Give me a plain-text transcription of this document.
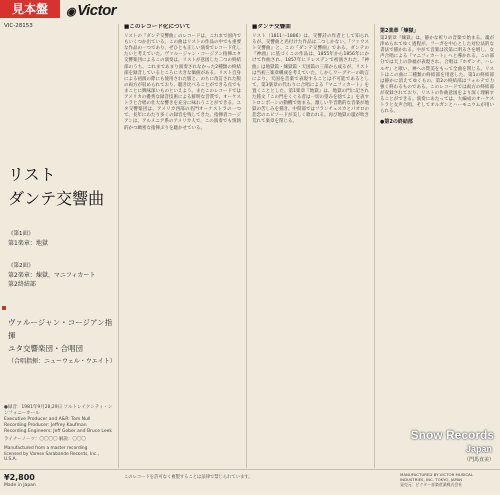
見本盤	◉ Victor
VIC-28153
リスト
ダンテ交響曲
《第1面》
第1楽章：地獄
《第2面》
第2楽章：煉獄、マニフィカート
第2終結部
ヴァルージャン・コージアン指揮
ユタ交響楽団・合唱団
（合唱指揮：ニューウェル・ウエイト）
●録音：1981年9月28,29日 ソルトレイクシティ・シンフォニーホール
Executive Producer and A&R: Tom Null
Recording Producer: Jeffrey Kaufman
Recording Engineers: Jeff Gober and Bruce Leek
ライナーノーツ：〇〇〇〇 解説：〇〇〇
Manufactured from a master recording
licensed by Varese Sarabande Records, Inc.,
U.S.A.
■このレコード化について

リストの『ダンテ交響曲』のレコードは、これまで国内でもいくつか出ている。この曲はリストの作品の中でも重要な作品の一つであり、ぜひとも正しい演奏でレコード化したいと考えていた。ヴァルージャン・コージアン指揮ユタ交響楽団によるこの演奏は、リストが意図した二つの終結部のうち、これまであまり演奏されなかった2種類の終結部を録音しているところに大きな価値がある。リスト自身による初演の際にも使用された版と、のちに改訂された版の両方が収められており、聴き比べることができる点でもまことに興味深いものといえよう。またこのレコードではアメリカの優秀な録音技術による鮮明な音質で、オーケストラと合唱の壮大な響きを充分に味わうことができる。ユタ交響楽団は、アメリカ西部の名門オーケストラの一つで、長年にわたり多くの録音を残してきた。指揮者コージアンは、アルメニア系のアメリカ人で、この演奏でも情熱的かつ緻密な指揮ぶりを聴かせている。

■ダンテ交響曲

リスト（1811〜1886）は、交響詩の作者として知られるが、交響曲と名付けた作品は二つしかない。『ファウスト交響曲』と、この『ダンテ交響曲』である。ダンテの『神曲』に基づくこの作品は、1855年から1856年にかけて作曲され、1857年にドレスデンで初演された。『神曲』は地獄篇・煉獄篇・天国篇の三部から成るが、リストは当初三楽章構成を考えていた。しかしワーグナーの助言により、天国を音楽で表現することは不可能であるとして、第3楽章の代わりに合唱による『マニフィカート』を置くこととした。第1楽章『地獄』は、地獄の門に記された銘文『この門をくぐる者は一切の望みを捨てよ』を表すトロンボーンの動機で始まる。激しい半音階的な音楽が地獄の苦しみを描き、中間部ではフランチェスカとパオロの悲恋のエピソードが美しく歌われる。再び地獄の嵐が吹き荒れて楽章を閉じる。

第2楽章「煉獄」

第2楽章『煉獄』は、静かな祈りの音楽で始まる。魂が浄められてゆく過程が、フーガを中心とした対位法的な書法で描かれる。やがて音楽は次第に明るさを増し、女声合唱による『マニフィカート』へと導かれる。この部分では天上の浄福が表現され、合唱は『ホザンナ、ハレルヤ』と歌い、神への賛美をもって全曲を閉じる。リストはこの曲に二種類の終結部を用意した。第1の終結部は静かに消えてゆくもの、第2の終結部はフォルテで力強く終わるものである。このレコードでは両方の終結部が収録されており、リストの作曲意図をより深く理解することができる。演奏にあたっては、大編成のオーケストラと女声合唱、そしてオルガンとハーモニウムが用いられる。

●第2の終結部
Snow Records
Japan
（門馬直美）
¥2,800
Made in Japan
このレコードを許可なく複製することは法律で禁じられています。
MANUFACTURED BY VICTOR MUSICAL INDUSTRIES, INC. TOKYO, JAPAN
発売元：ビクター音楽産業株式会社
